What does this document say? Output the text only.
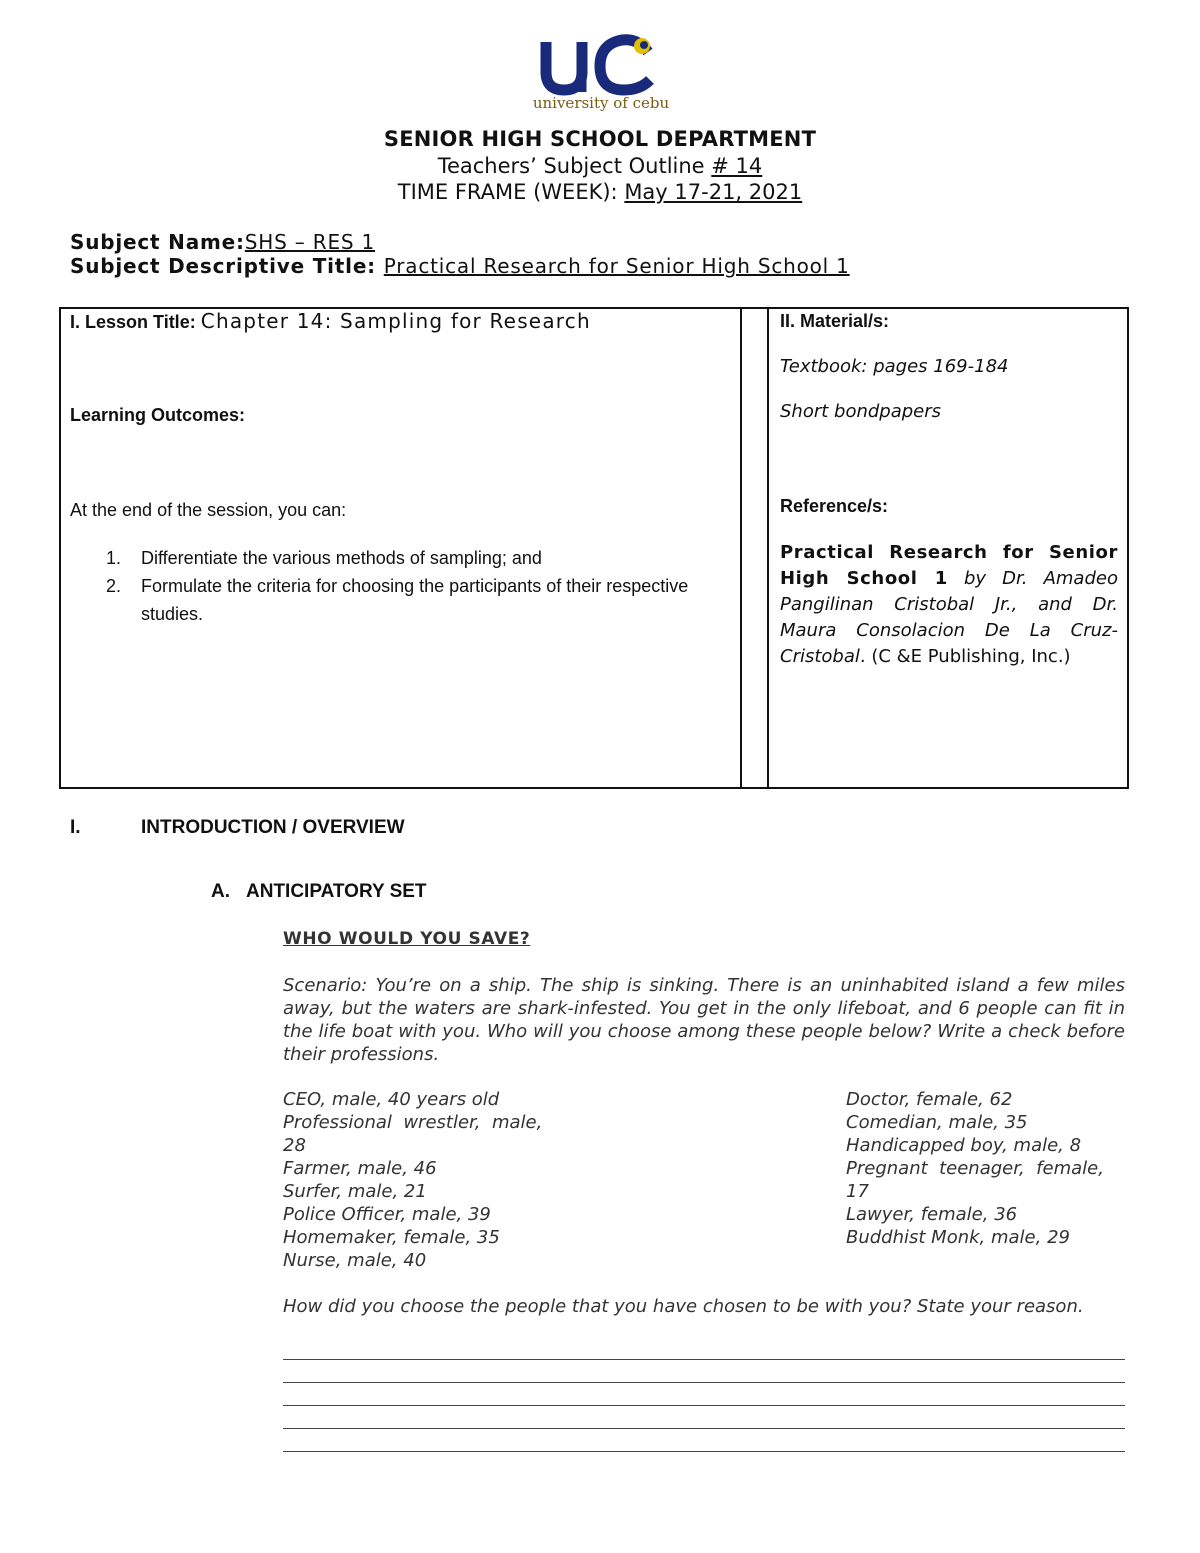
university of cebu
SENIOR HIGH SCHOOL DEPARTMENT
Teachers’ Subject Outline # 14
TIME FRAME (WEEK): May 17-21, 2021
Subject Name:SHS – RES 1
Subject Descriptive Title: Practical Research for Senior High School 1
I. Lesson Title: Chapter 14: Sampling for Research
Learning Outcomes:
At the end of the session, you can:
1.	Differentiate the various methods of sampling; and
2.	Formulate the criteria for choosing the participants of their respective studies.
II. Material/s:
Textbook: pages 169-184
Short bondpapers
Reference/s:
Practical Research for Senior High School 1 by Dr. Amadeo Pangilinan Cristobal Jr., and Dr. Maura Consolacion De La Cruz-Cristobal. (C &E Publishing, Inc.)
I.	INTRODUCTION / OVERVIEW
A. ANTICIPATORY SET
WHO WOULD YOU SAVE?
Scenario: You’re on a ship. The ship is sinking. There is an uninhabited island a few miles away, but the waters are shark-infested. You get in the only lifeboat, and 6 people can fit in the life boat with you. Who will you choose among these people below? Write a check before their professions.
CEO, male, 40 years old
Professional  wrestler,  male,
28
Farmer, male, 46
Surfer, male, 21
Police Officer, male, 39
Homemaker, female, 35
Nurse, male, 40
Doctor, female, 62
Comedian, male, 35
Handicapped boy, male, 8
Pregnant  teenager,  female,
17
Lawyer, female, 36
Buddhist Monk, male, 29
How did you choose the people that you have chosen to be with you? State your reason.
